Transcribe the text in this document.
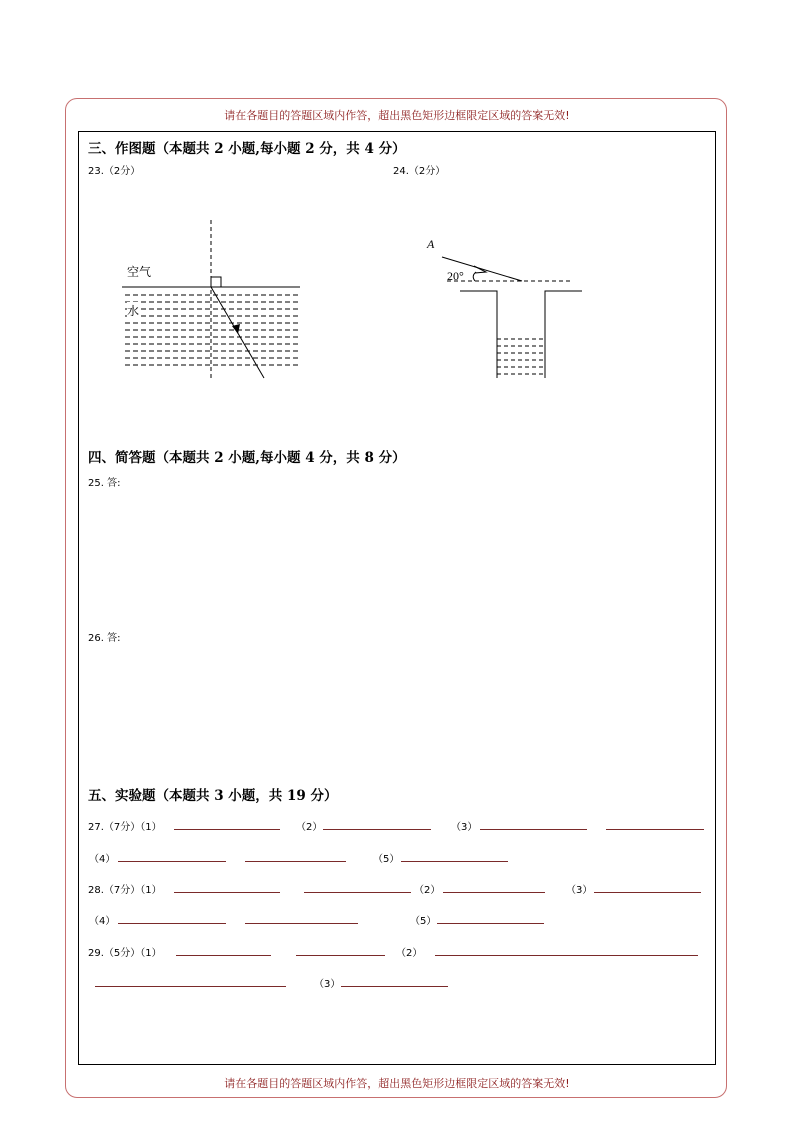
请在各题目的答题区域内作答，超出黑色矩形边框限定区域的答案无效!
请在各题目的答题区域内作答，超出黑色矩形边框限定区域的答案无效!
三、作图题（本题共 2 小题,每小题 2 分，共 4 分）
23.（2分）	24.（2分）
空气
水
A
20°
四、简答题（本题共 2 小题,每小题 4 分，共 8 分）
25. 答:
26. 答:
五、实验题（本题共 3 小题，共 19 分）
27.（7分）（1）	（2）	（3）
（4）	（5）
28.（7分）（1）	（2）	（3）
（4）	（5）
29.（5分）（1）	（2）
（3）
